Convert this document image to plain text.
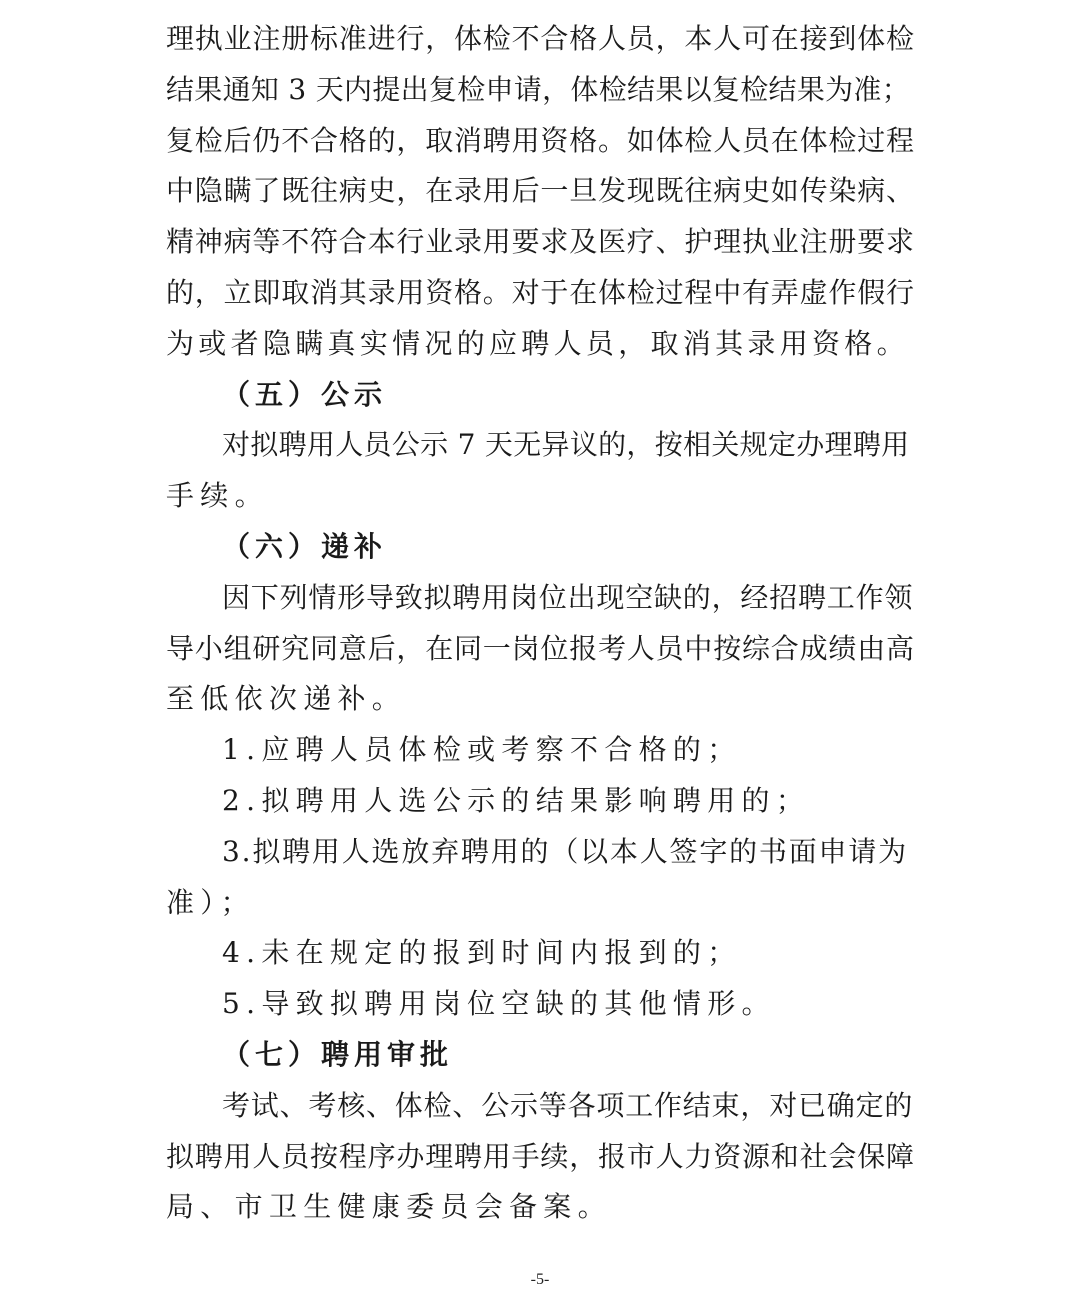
理执业注册标准进行，体检不合格人员，本人可在接到体检
结果通知 3 天内提出复检申请，体检结果以复检结果为准；
复检后仍不合格的，取消聘用资格。如体检人员在体检过程
中隐瞒了既往病史，在录用后一旦发现既往病史如传染病、
精神病等不符合本行业录用要求及医疗、护理执业注册要求
的，立即取消其录用资格。对于在体检过程中有弄虚作假行
为或者隐瞒真实情况的应聘人员，取消其录用资格。
（五）公示
对拟聘用人员公示 7 天无异议的，按相关规定办理聘用
手续。
（六）递补
因下列情形导致拟聘用岗位出现空缺的，经招聘工作领
导小组研究同意后，在同一岗位报考人员中按综合成绩由高
至低依次递补。
1.应聘人员体检或考察不合格的；
2.拟聘用人选公示的结果影响聘用的；
3.拟聘用人选放弃聘用的（以本人签字的书面申请为
准）；
4.未在规定的报到时间内报到的；
5.导致拟聘用岗位空缺的其他情形。
（七）聘用审批
考试、考核、体检、公示等各项工作结束，对已确定的
拟聘用人员按程序办理聘用手续，报市人力资源和社会保障
局、市卫生健康委员会备案。
-5-
